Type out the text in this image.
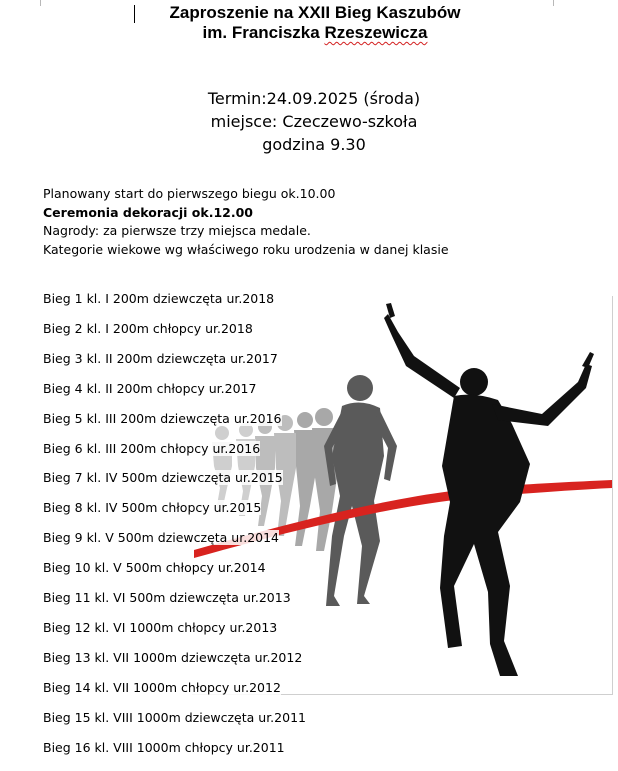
Zaproszenie na XXII Bieg Kaszubów
im. Franciszka Rzeszewicza
Termin:24.09.2025 (środa)
miejsce: Czeczewo-szkoła
godzina 9.30
Planowany start do pierwszego biegu ok.10.00
Ceremonia dekoracji ok.12.00
Nagrody: za pierwsze trzy miejsca medale.
Kategorie wiekowe wg właściwego roku urodzenia w danej klasie
Bieg 1 kl. I 200m dziewczęta ur.2018
Bieg 2 kl. I 200m chłopcy ur.2018
Bieg 3 kl. II 200m dziewczęta ur.2017
Bieg 4 kl. II 200m chłopcy ur.2017
Bieg 5 kl. III 200m dziewczęta ur.2016
Bieg 6 kl. III 200m chłopcy ur.2016
Bieg 7 kl. IV 500m dziewczęta ur.2015
Bieg 8 kl. IV 500m chłopcy ur.2015
Bieg 9 kl. V 500m dziewczęta ur.2014
Bieg 10 kl. V 500m chłopcy ur.2014
Bieg 11 kl. VI 500m dziewczęta ur.2013
Bieg 12 kl. VI 1000m chłopcy ur.2013
Bieg 13 kl. VII 1000m dziewczęta ur.2012
Bieg 14 kl. VII 1000m chłopcy ur.2012
Bieg 15 kl. VIII 1000m dziewczęta ur.2011
Bieg 16 kl. VIII 1000m chłopcy ur.2011
